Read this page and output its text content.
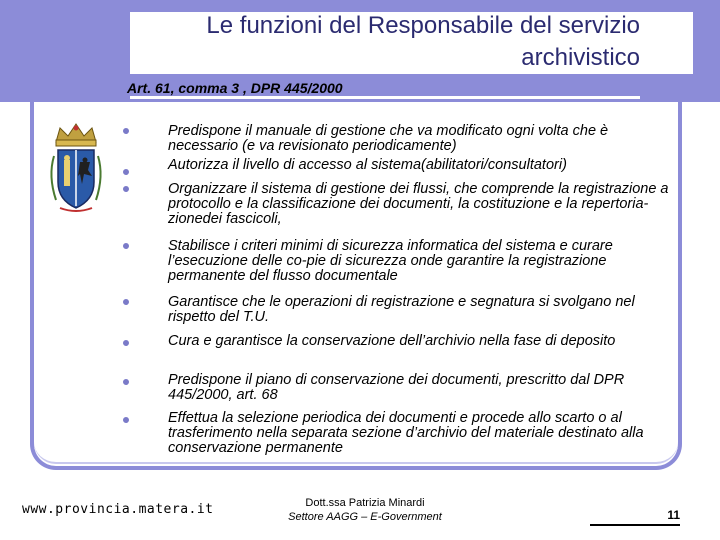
Le funzioni del Responsabile del servizio
archivistico
Art. 61, comma 3 , DPR 445/2000
Predispone il manuale di gestione che va modificato ogni volta che è necessario (e va revisionato periodicamente)
Autorizza il livello di accesso al sistema(abilitatori/consultatori)
Organizzare il sistema di gestione dei flussi, che comprende la registrazione a protocollo e la classificazione dei documenti, la costituzione e la repertoria-zionedei fascicoli,
Stabilisce i criteri minimi di sicurezza informatica del sistema e curare l’esecuzione delle co-pie di sicurezza onde garantire la registrazione permanente del flusso documentale
Garantisce che le operazioni di registrazione e segnatura si svolgano nel rispetto del T.U.
Cura e garantisce la conservazione dell’archivio nella fase di deposito
Predispone il piano di conservazione dei documenti, prescritto dal DPR 445/2000, art. 68
Effettua la selezione periodica dei documenti e procede allo scarto o al trasferimento nella separata sezione d’archivio del materiale destinato alla conservazione permanente
www.provincia.matera.it	Dott.ssa Patrizia Minardi
Settore AAGG – E-Government	11
